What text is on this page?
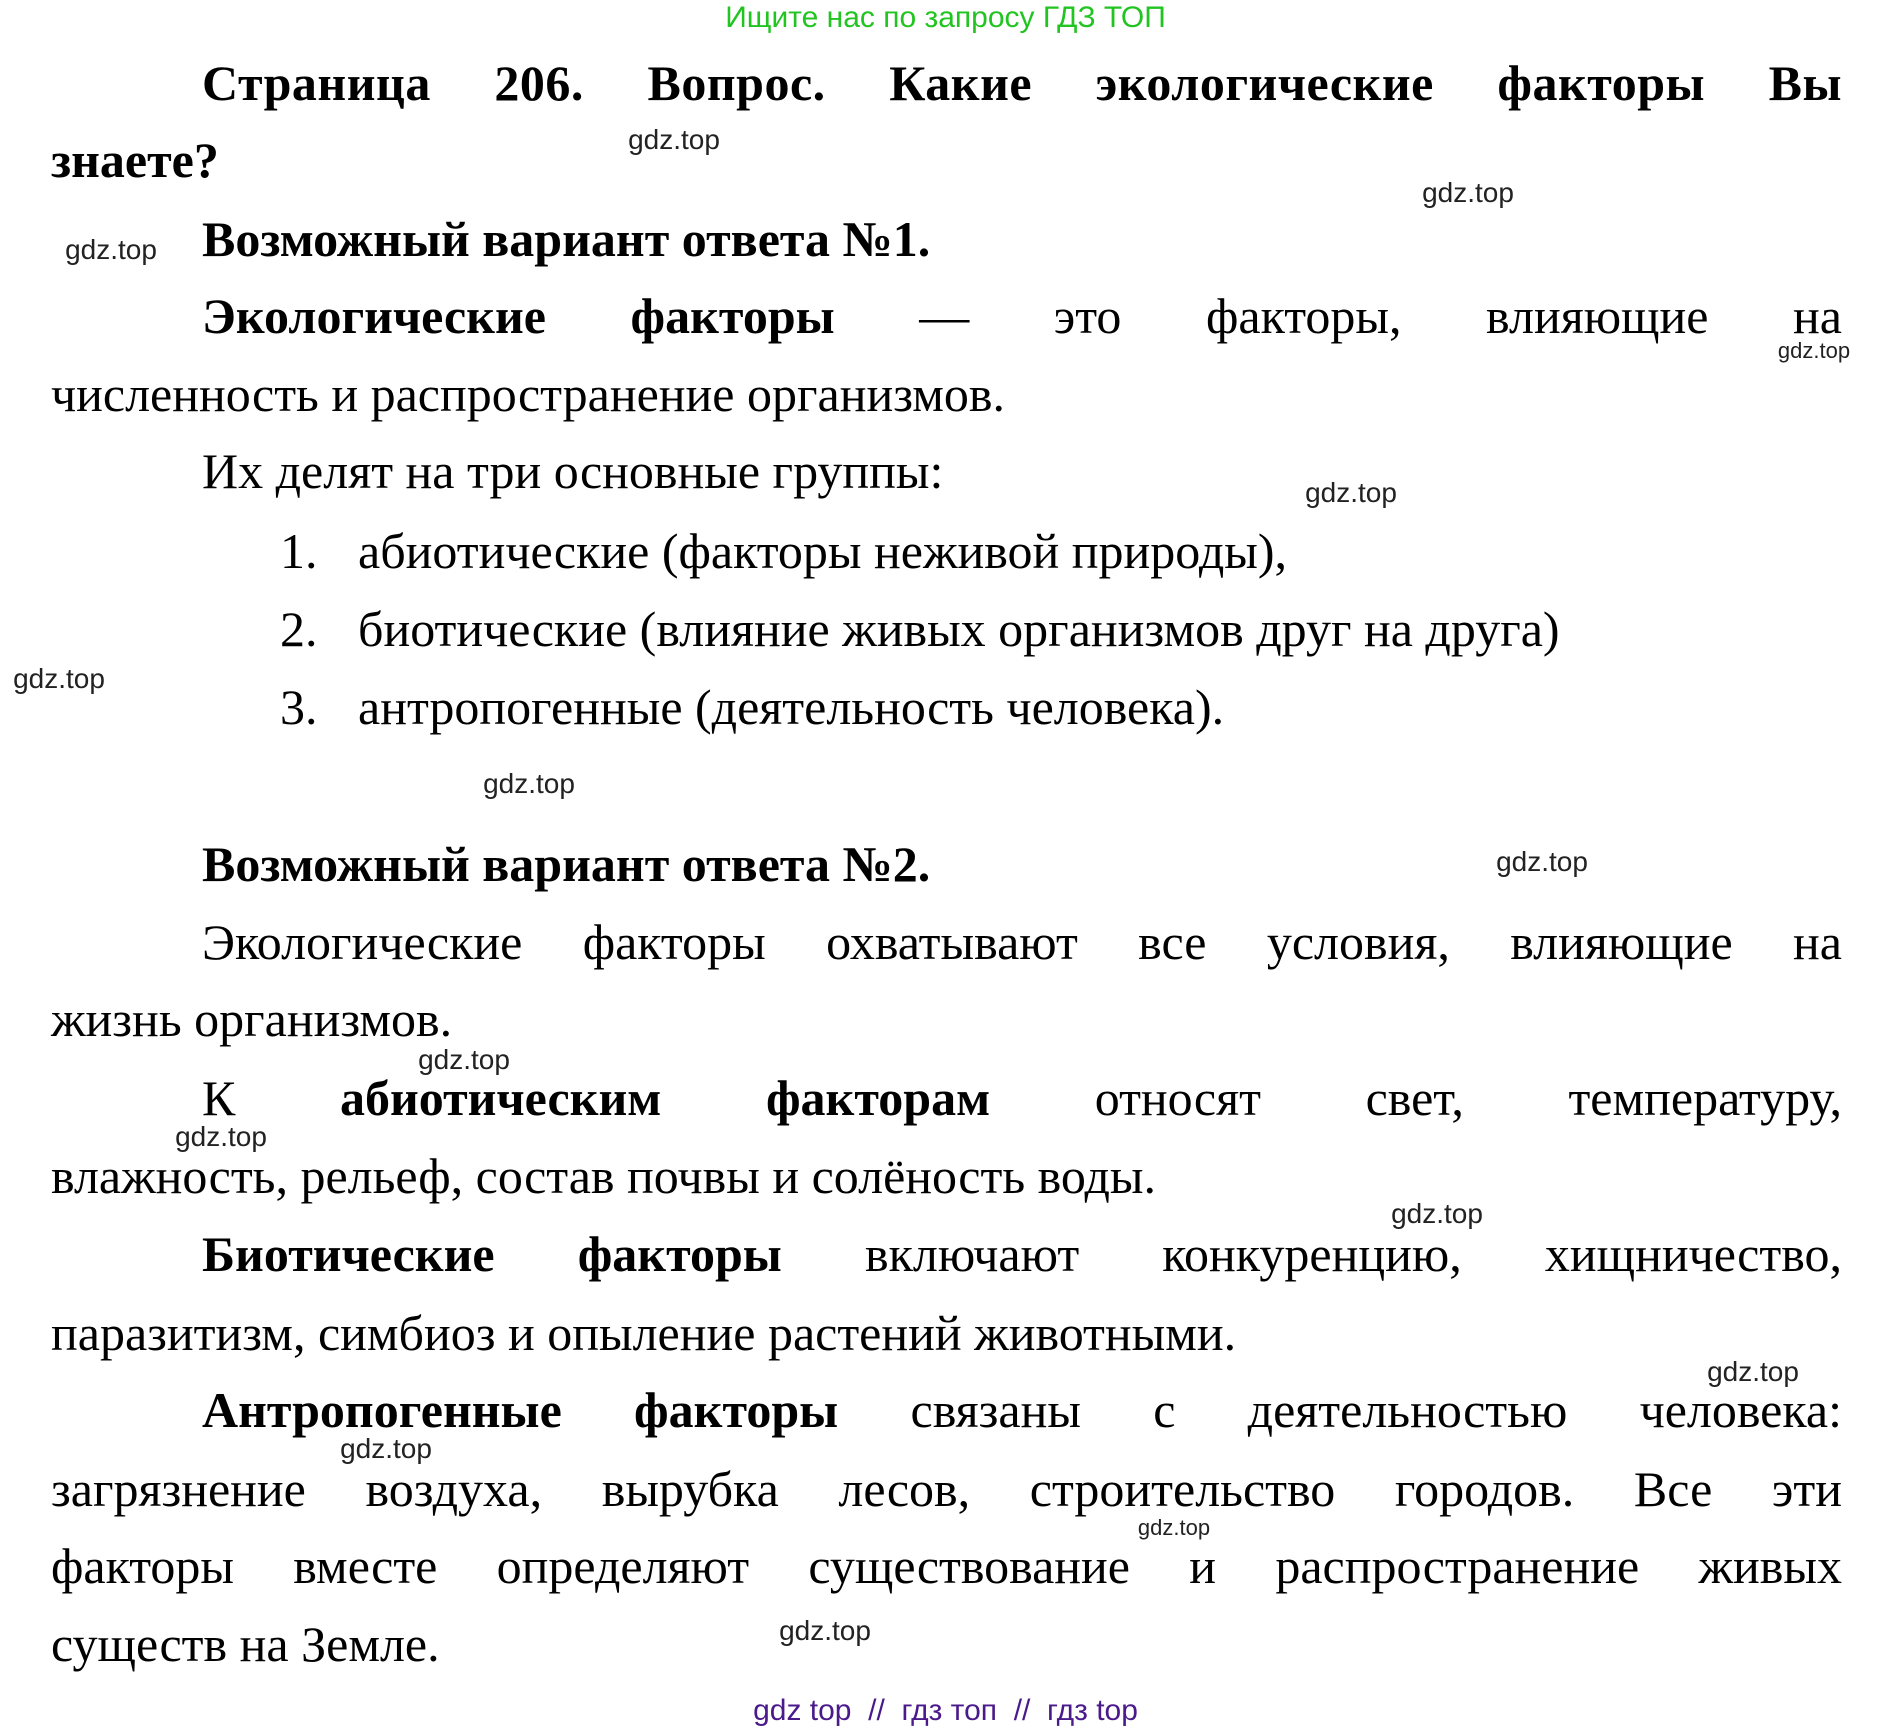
Ищите нас по запросу ГДЗ ТОП
Страница 206. Вопрос. Какие экологические факторы Вы
знаете?
Возможный вариант ответа №1.
Экологические факторы — это факторы, влияющие на
численность и распространение организмов.
Их делят на три основные группы:
1. абиотические (факторы неживой природы),
2. биотические (влияние живых организмов друг на друга)
3. антропогенные (деятельность человека).
Возможный вариант ответа №2.
Экологические факторы охватывают все условия, влияющие на
жизнь организмов.
К абиотическим факторам относят свет, температуру,
влажность, рельеф, состав почвы и солёность воды.
Биотические факторы включают конкуренцию, хищничество,
паразитизм, симбиоз и опыление растений животными.
Антропогенные факторы связаны с деятельностью человека:
загрязнение воздуха, вырубка лесов, строительство городов. Все эти
факторы вместе определяют существование и распространение живых
существ на Земле.
gdz.top
gdz.top
gdz.top
gdz.top
gdz.top
gdz.top
gdz.top
gdz.top
gdz.top
gdz.top
gdz.top
gdz.top
gdz.top
gdz.top
gdz.top
gdz top  //  гдз топ  //  гдз top
